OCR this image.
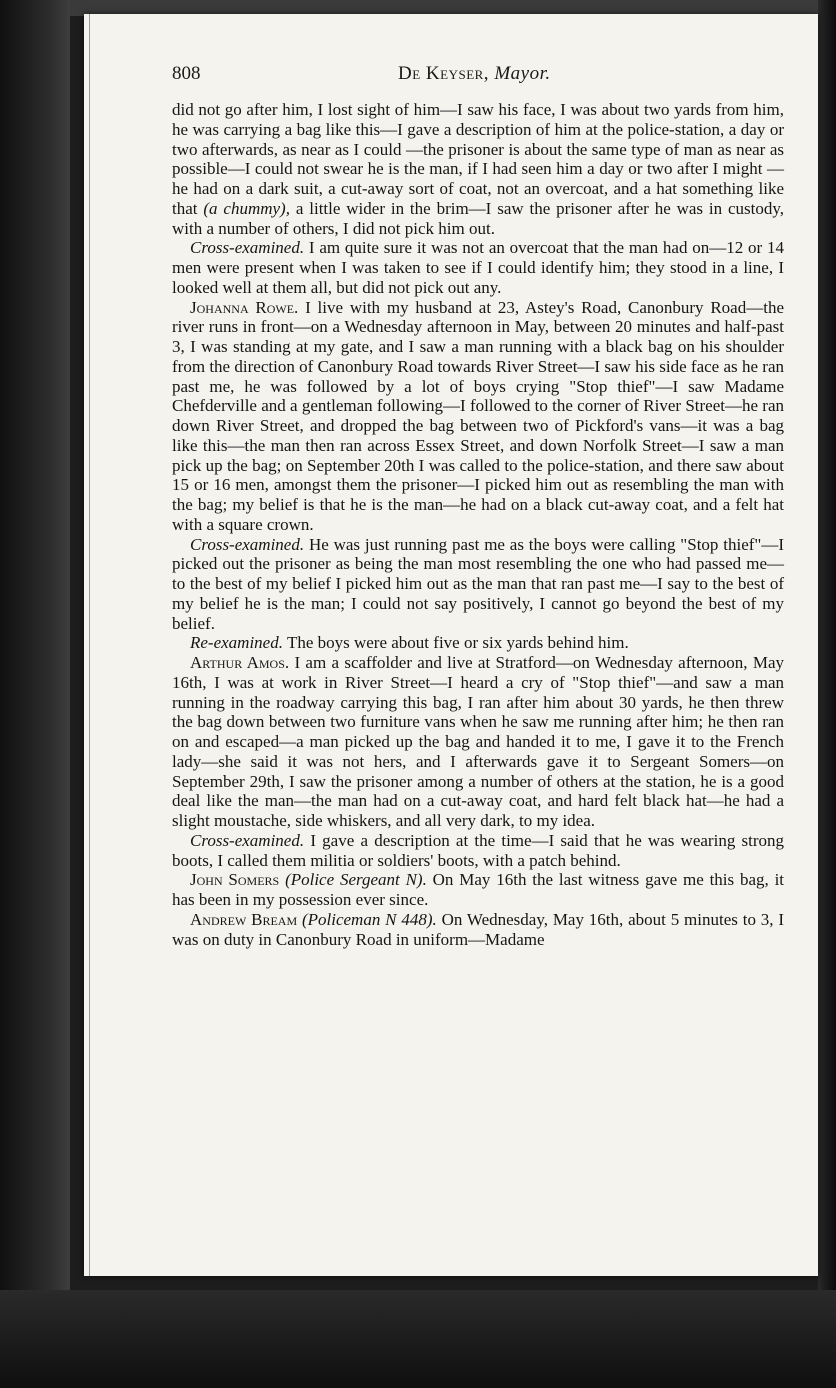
808	De Keyser, Mayor.

did not go after him, I lost sight of him—I saw his face, I was about two yards from him, he was carrying a bag like this—I gave a description of him at the police-station, a day or two afterwards, as near as I could —the prisoner is about the same type of man as near as possible—I could not swear he is the man, if I had seen him a day or two after I might — he had on a dark suit, a cut-away sort of coat, not an overcoat, and a hat something like that (a chummy), a little wider in the brim—I saw the prisoner after he was in custody, with a number of others, I did not pick him out.

Cross-examined. I am quite sure it was not an overcoat that the man had on—12 or 14 men were present when I was taken to see if I could identify him; they stood in a line, I looked well at them all, but did not pick out any.

Johanna Rowe. I live with my husband at 23, Astey's Road, Canonbury Road—the river runs in front—on a Wednesday afternoon in May, between 20 minutes and half-past 3, I was standing at my gate, and I saw a man running with a black bag on his shoulder from the direction of Canonbury Road towards River Street—I saw his side face as he ran past me, he was followed by a lot of boys crying "Stop thief"—I saw Madame Chefderville and a gentleman following—I followed to the corner of River Street—he ran down River Street, and dropped the bag between two of Pickford's vans—it was a bag like this—the man then ran across Essex Street, and down Norfolk Street—I saw a man pick up the bag; on September 20th I was called to the police-station, and there saw about 15 or 16 men, amongst them the prisoner—I picked him out as resembling the man with the bag; my belief is that he is the man—he had on a black cut-away coat, and a felt hat with a square crown.

Cross-examined. He was just running past me as the boys were calling "Stop thief"—I picked out the prisoner as being the man most resembling the one who had passed me—to the best of my belief I picked him out as the man that ran past me—I say to the best of my belief he is the man; I could not say positively, I cannot go beyond the best of my belief.

Re-examined. The boys were about five or six yards behind him.

Arthur Amos. I am a scaffolder and live at Stratford—on Wednesday afternoon, May 16th, I was at work in River Street—I heard a cry of "Stop thief"—and saw a man running in the roadway carrying this bag, I ran after him about 30 yards, he then threw the bag down between two furniture vans when he saw me running after him; he then ran on and escaped—a man picked up the bag and handed it to me, I gave it to the French lady—she said it was not hers, and I afterwards gave it to Sergeant Somers—on September 29th, I saw the prisoner among a number of others at the station, he is a good deal like the man—the man had on a cut-away coat, and hard felt black hat—he had a slight moustache, side whiskers, and all very dark, to my idea.

Cross-examined. I gave a description at the time—I said that he was wearing strong boots, I called them militia or soldiers' boots, with a patch behind.

John Somers (Police Sergeant N). On May 16th the last witness gave me this bag, it has been in my possession ever since.

Andrew Bream (Policeman N 448). On Wednesday, May 16th, about 5 minutes to 3, I was on duty in Canonbury Road in uniform—Madame
